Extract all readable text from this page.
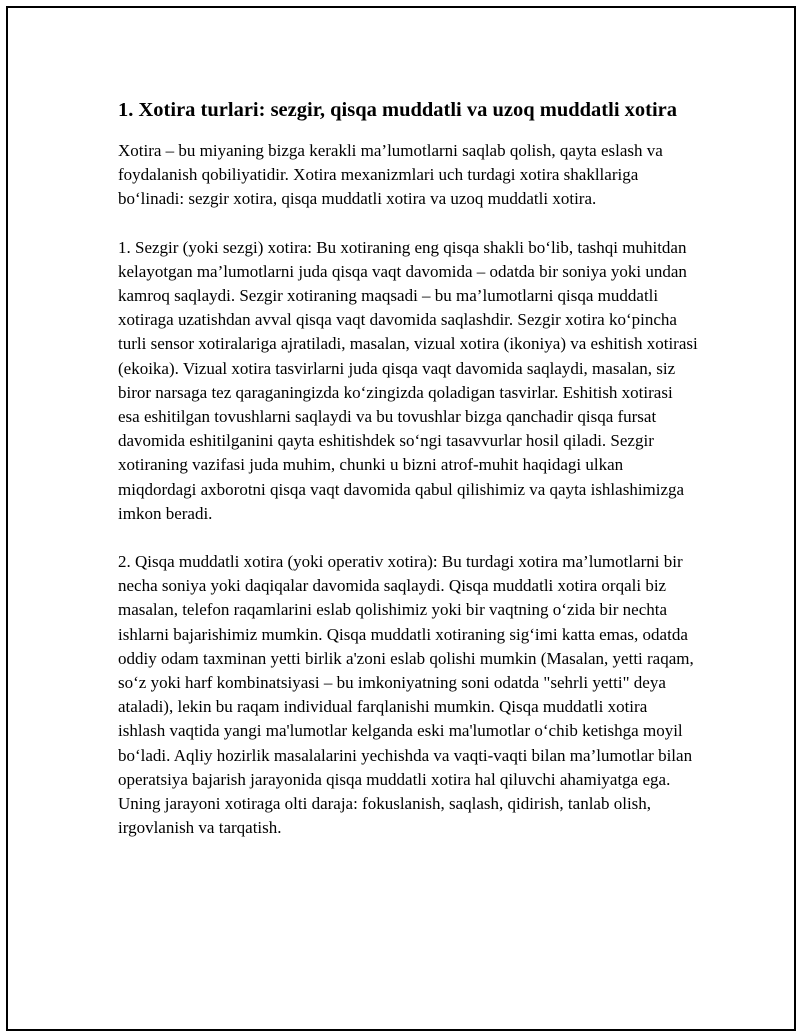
1. Xotira turlari: sezgir, qisqa muddatli va uzoq muddatli xotira

Xotira – bu miyaning bizga kerakli ma’lumotlarni saqlab qolish, qayta eslash va foydalanish qobiliyatidir. Xotira mexanizmlari uch turdagi xotira shakllariga bo‘linadi: sezgir xotira, qisqa muddatli xotira va uzoq muddatli xotira.

1. Sezgir (yoki sezgi) xotira: Bu xotiraning eng qisqa shakli bo‘lib, tashqi muhitdan kelayotgan ma’lumotlarni juda qisqa vaqt davomida – odatda bir soniya yoki undan kamroq saqlaydi. Sezgir xotiraning maqsadi – bu ma’lumotlarni qisqa muddatli xotiraga uzatishdan avval qisqa vaqt davomida saqlashdir. Sezgir xotira ko‘pincha turli sensor xotiralariga ajratiladi, masalan, vizual xotira (ikoniya) va eshitish xotirasi (ekoika). Vizual xotira tasvirlarni juda qisqa vaqt davomida saqlaydi, masalan, siz biror narsaga tez qaraganingizda ko‘zingizda qoladigan tasvirlar. Eshitish xotirasi esa eshitilgan tovushlarni saqlaydi va bu tovushlar bizga qanchadir qisqa fursat davomida eshitilganini qayta eshitishdek so‘ngi tasavvurlar hosil qiladi. Sezgir xotiraning vazifasi juda muhim, chunki u bizni atrof-muhit haqidagi ulkan miqdordagi axborotni qisqa vaqt davomida qabul qilishimiz va qayta ishlashimizga imkon beradi.

2. Qisqa muddatli xotira (yoki operativ xotira): Bu turdagi xotira ma’lumotlarni bir necha soniya yoki daqiqalar davomida saqlaydi. Qisqa muddatli xotira orqali biz masalan, telefon raqamlarini eslab qolishimiz yoki bir vaqtning o‘zida bir nechta ishlarni bajarishimiz mumkin. Qisqa muddatli xotiraning sig‘imi katta emas, odatda oddiy odam taxminan yetti birlik a'zoni eslab qolishi mumkin (Masalan, yetti raqam, so‘z yoki harf kombinatsiyasi – bu imkoniyatning soni odatda "sehrli yetti" deya ataladi), lekin bu raqam individual farqlanishi mumkin. Qisqa muddatli xotira ishlash vaqtida yangi ma'lumotlar kelganda eski ma'lumotlar o‘chib ketishga moyil bo‘ladi. Aqliy hozirlik masalalarini yechishda va vaqti-vaqti bilan ma’lumotlar bilan operatsiya bajarish jarayonida qisqa muddatli xotira hal qiluvchi ahamiyatga ega. Uning jarayoni xotiraga olti daraja: fokuslanish, saqlash, qidirish, tanlab olish, irgovlanish va tarqatish.
